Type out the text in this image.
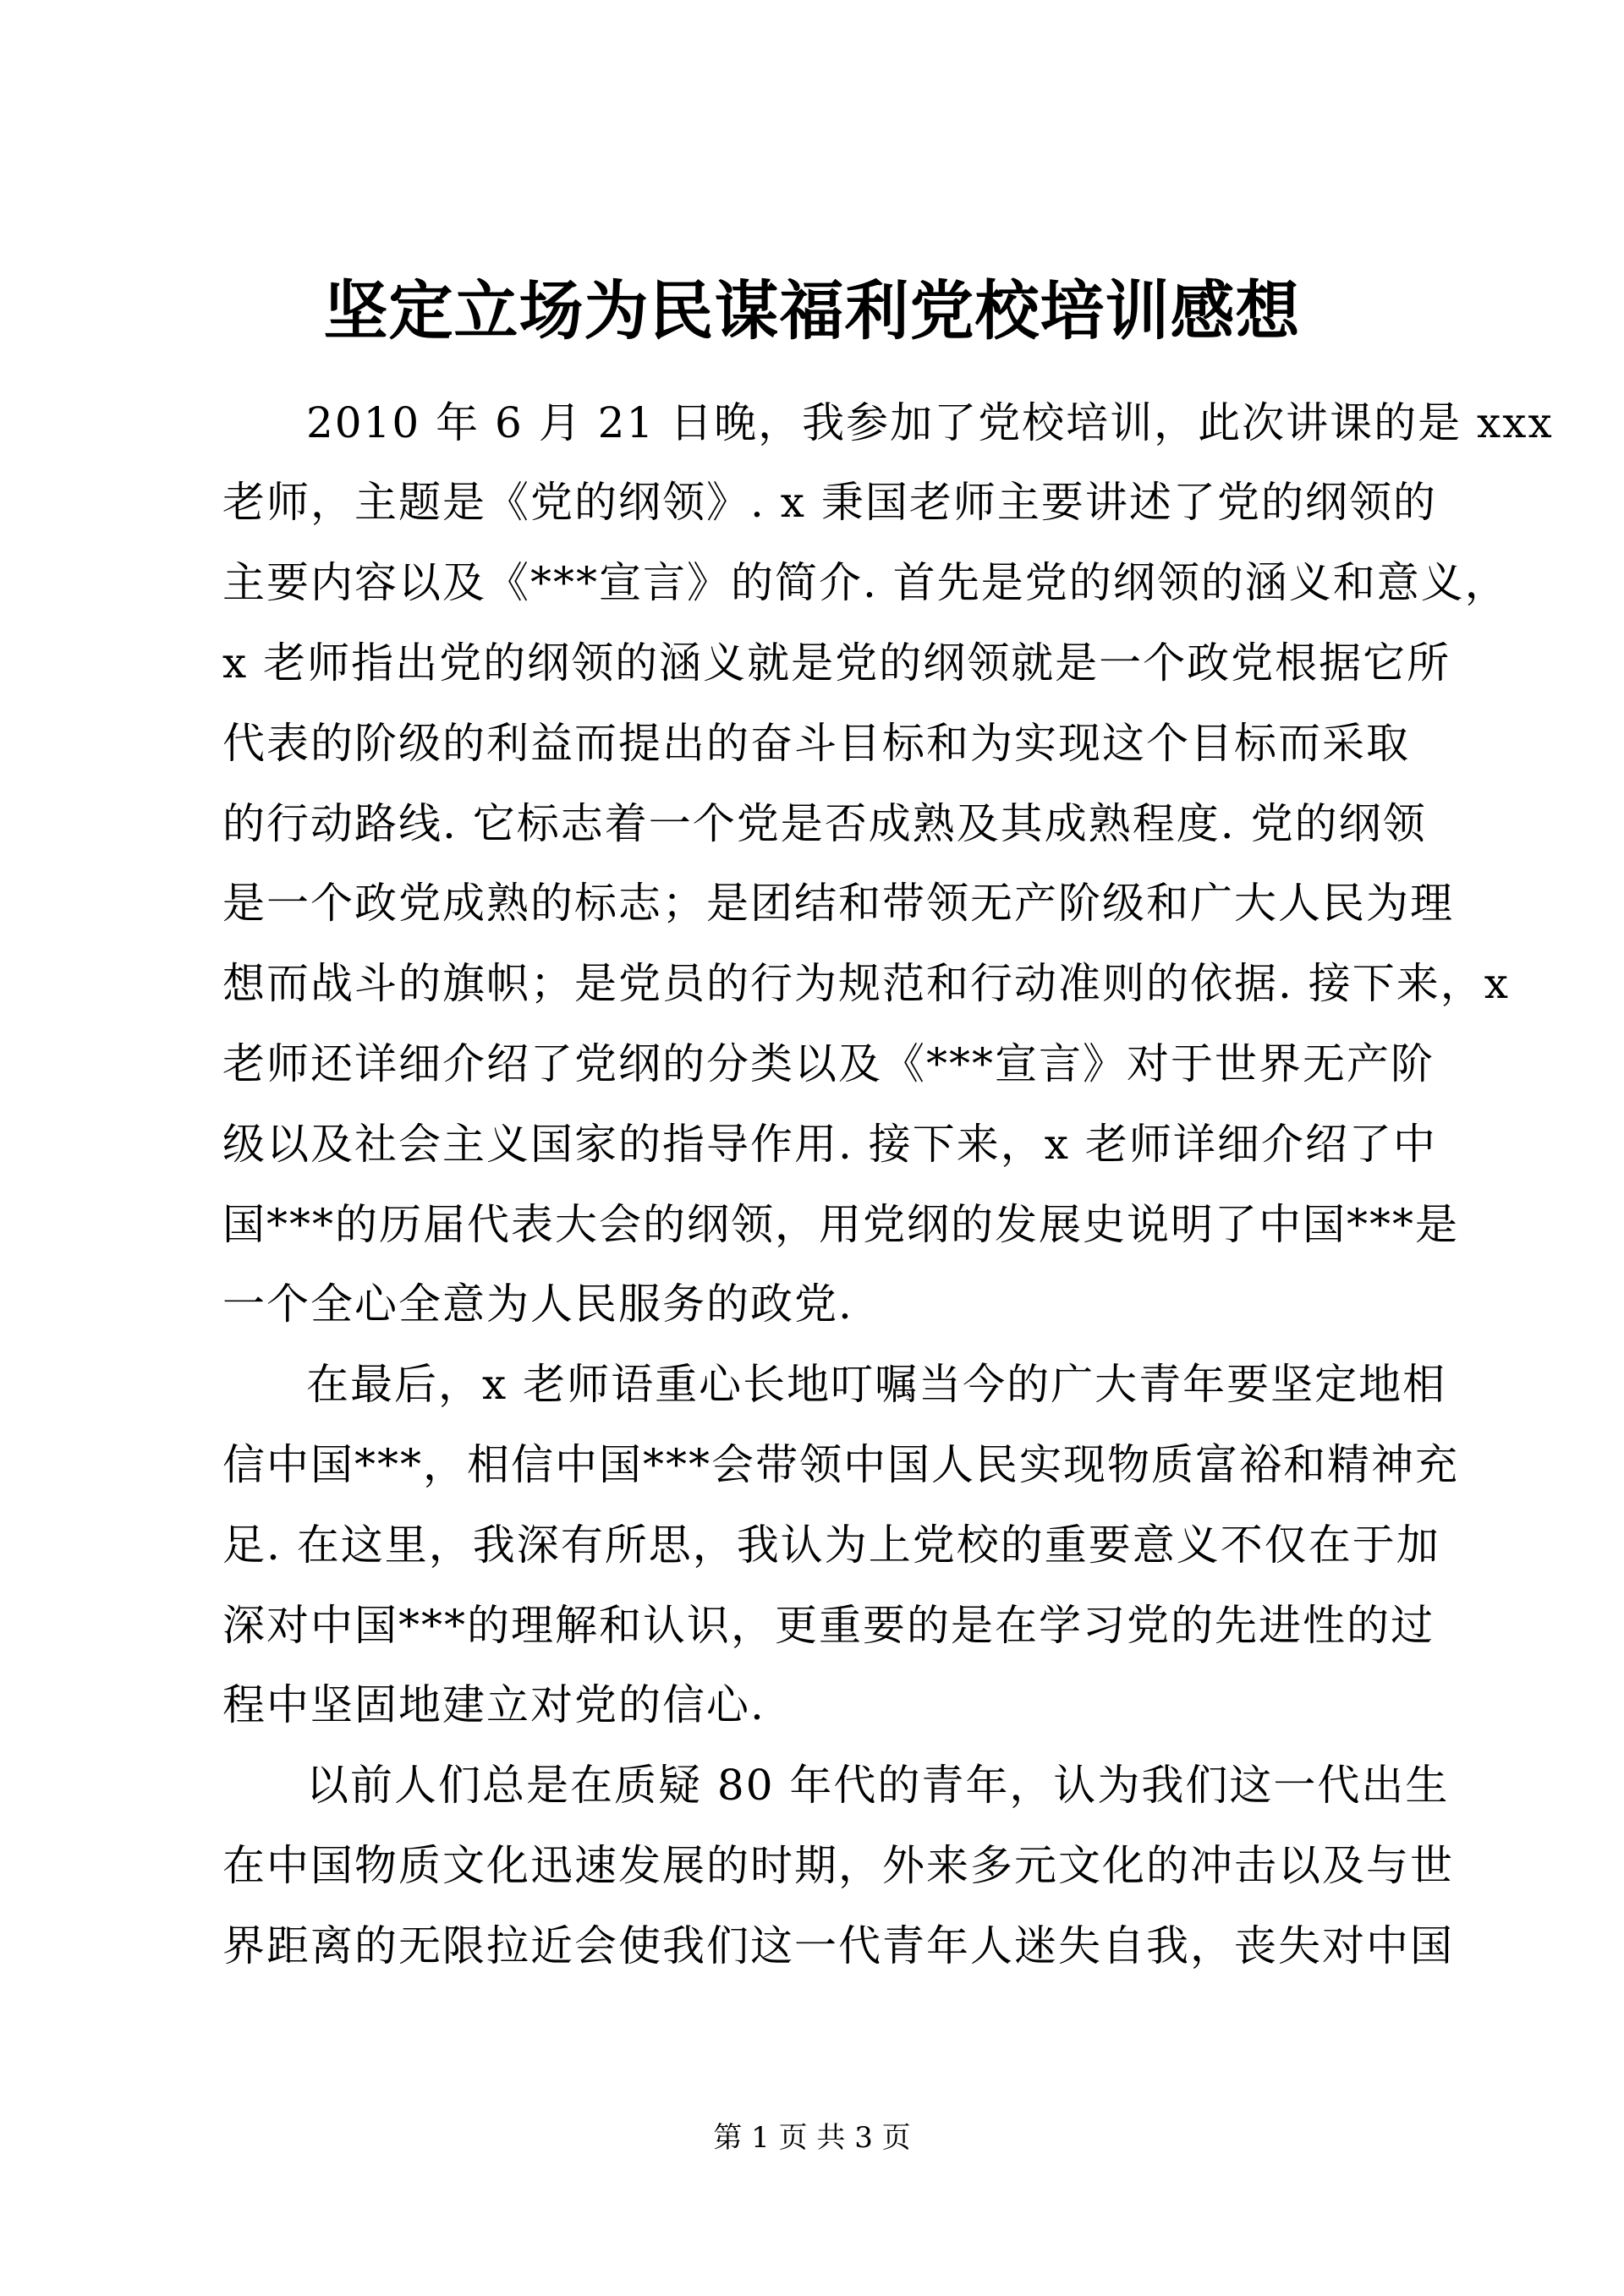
坚定立场为民谋福利党校培训感想
2010 年 6 月 21 日晚，我参加了党校培训，此次讲课的是 xxx
老师，主题是《党的纲领》. x 秉国老师主要讲述了党的纲领的
主要内容以及《***宣言》的简介. 首先是党的纲领的涵义和意义，
x 老师指出党的纲领的涵义就是党的纲领就是一个政党根据它所
代表的阶级的利益而提出的奋斗目标和为实现这个目标而采取
的行动路线. 它标志着一个党是否成熟及其成熟程度. 党的纲领
是一个政党成熟的标志；是团结和带领无产阶级和广大人民为理
想而战斗的旗帜；是党员的行为规范和行动准则的依据. 接下来，x
老师还详细介绍了党纲的分类以及《***宣言》对于世界无产阶
级以及社会主义国家的指导作用. 接下来，x 老师详细介绍了中
国***的历届代表大会的纲领，用党纲的发展史说明了中国***是
一个全心全意为人民服务的政党.
在最后，x 老师语重心长地叮嘱当今的广大青年要坚定地相
信中国***，相信中国***会带领中国人民实现物质富裕和精神充
足. 在这里，我深有所思，我认为上党校的重要意义不仅在于加
深对中国***的理解和认识，更重要的是在学习党的先进性的过
程中坚固地建立对党的信心.
以前人们总是在质疑 80 年代的青年，认为我们这一代出生
在中国物质文化迅速发展的时期，外来多元文化的冲击以及与世
界距离的无限拉近会使我们这一代青年人迷失自我，丧失对中国
第 1 页 共 3 页
